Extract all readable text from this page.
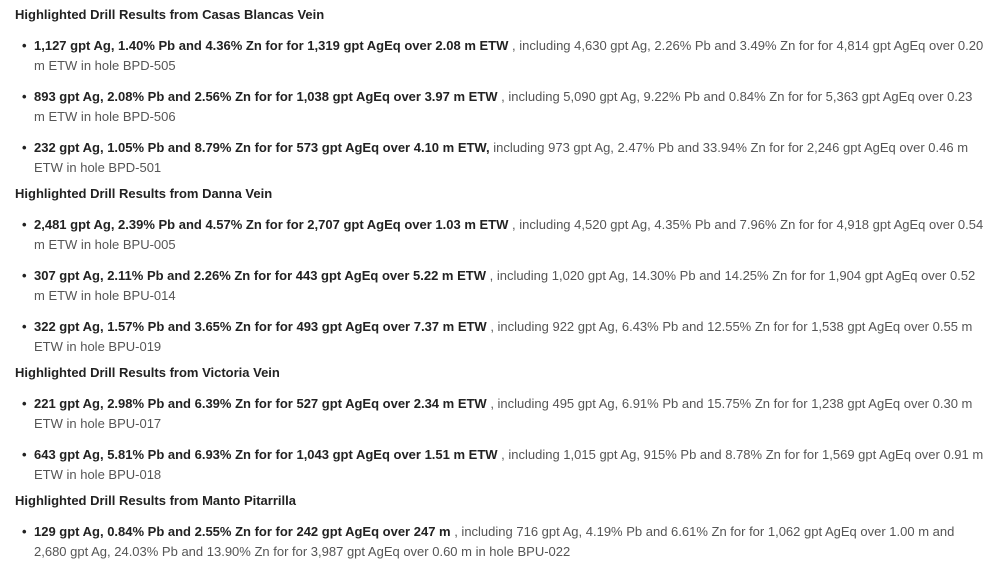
Highlighted Drill Results from Casas Blancas Vein
• 1,127 gpt Ag, 1.40% Pb and 4.36% Zn for for 1,319 gpt AgEq over 2.08 m ETW , including 4,630 gpt Ag, 2.26% Pb and 3.49% Zn for for 4,814 gpt AgEq over 0.20 m ETW in hole BPD-505
• 893 gpt Ag, 2.08% Pb and 2.56% Zn for for 1,038 gpt AgEq over 3.97 m ETW , including 5,090 gpt Ag, 9.22% Pb and 0.84% Zn for for 5,363 gpt AgEq over 0.23 m ETW in hole BPD-506
• 232 gpt Ag, 1.05% Pb and 8.79% Zn for for 573 gpt AgEq over 4.10 m ETW, including 973 gpt Ag, 2.47% Pb and 33.94% Zn for for 2,246 gpt AgEq over 0.46 m ETW in hole BPD-501
Highlighted Drill Results from Danna Vein
• 2,481 gpt Ag, 2.39% Pb and 4.57% Zn for for 2,707 gpt AgEq over 1.03 m ETW , including 4,520 gpt Ag, 4.35% Pb and 7.96% Zn for for 4,918 gpt AgEq over 0.54 m ETW in hole BPU-005
• 307 gpt Ag, 2.11% Pb and 2.26% Zn for for 443 gpt AgEq over 5.22 m ETW , including 1,020 gpt Ag, 14.30% Pb and 14.25% Zn for for 1,904 gpt AgEq over 0.52 m ETW in hole BPU-014
• 322 gpt Ag, 1.57% Pb and 3.65% Zn for for 493 gpt AgEq over 7.37 m ETW , including 922 gpt Ag, 6.43% Pb and 12.55% Zn for for 1,538 gpt AgEq over 0.55 m ETW in hole BPU-019
Highlighted Drill Results from Victoria Vein
• 221 gpt Ag, 2.98% Pb and 6.39% Zn for for 527 gpt AgEq over 2.34 m ETW , including 495 gpt Ag, 6.91% Pb and 15.75% Zn for for 1,238 gpt AgEq over 0.30 m ETW in hole BPU-017
• 643 gpt Ag, 5.81% Pb and 6.93% Zn for for 1,043 gpt AgEq over 1.51 m ETW , including 1,015 gpt Ag, 915% Pb and 8.78% Zn for for 1,569 gpt AgEq over 0.91 m ETW in hole BPU-018
Highlighted Drill Results from Manto Pitarrilla
• 129 gpt Ag, 0.84% Pb and 2.55% Zn for for 242 gpt AgEq over 247 m , including 716 gpt Ag, 4.19% Pb and 6.61% Zn for for 1,062 gpt AgEq over 1.00 m and 2,680 gpt Ag, 24.03% Pb and 13.90% Zn for for 3,987 gpt AgEq over 0.60 m in hole BPU-022
